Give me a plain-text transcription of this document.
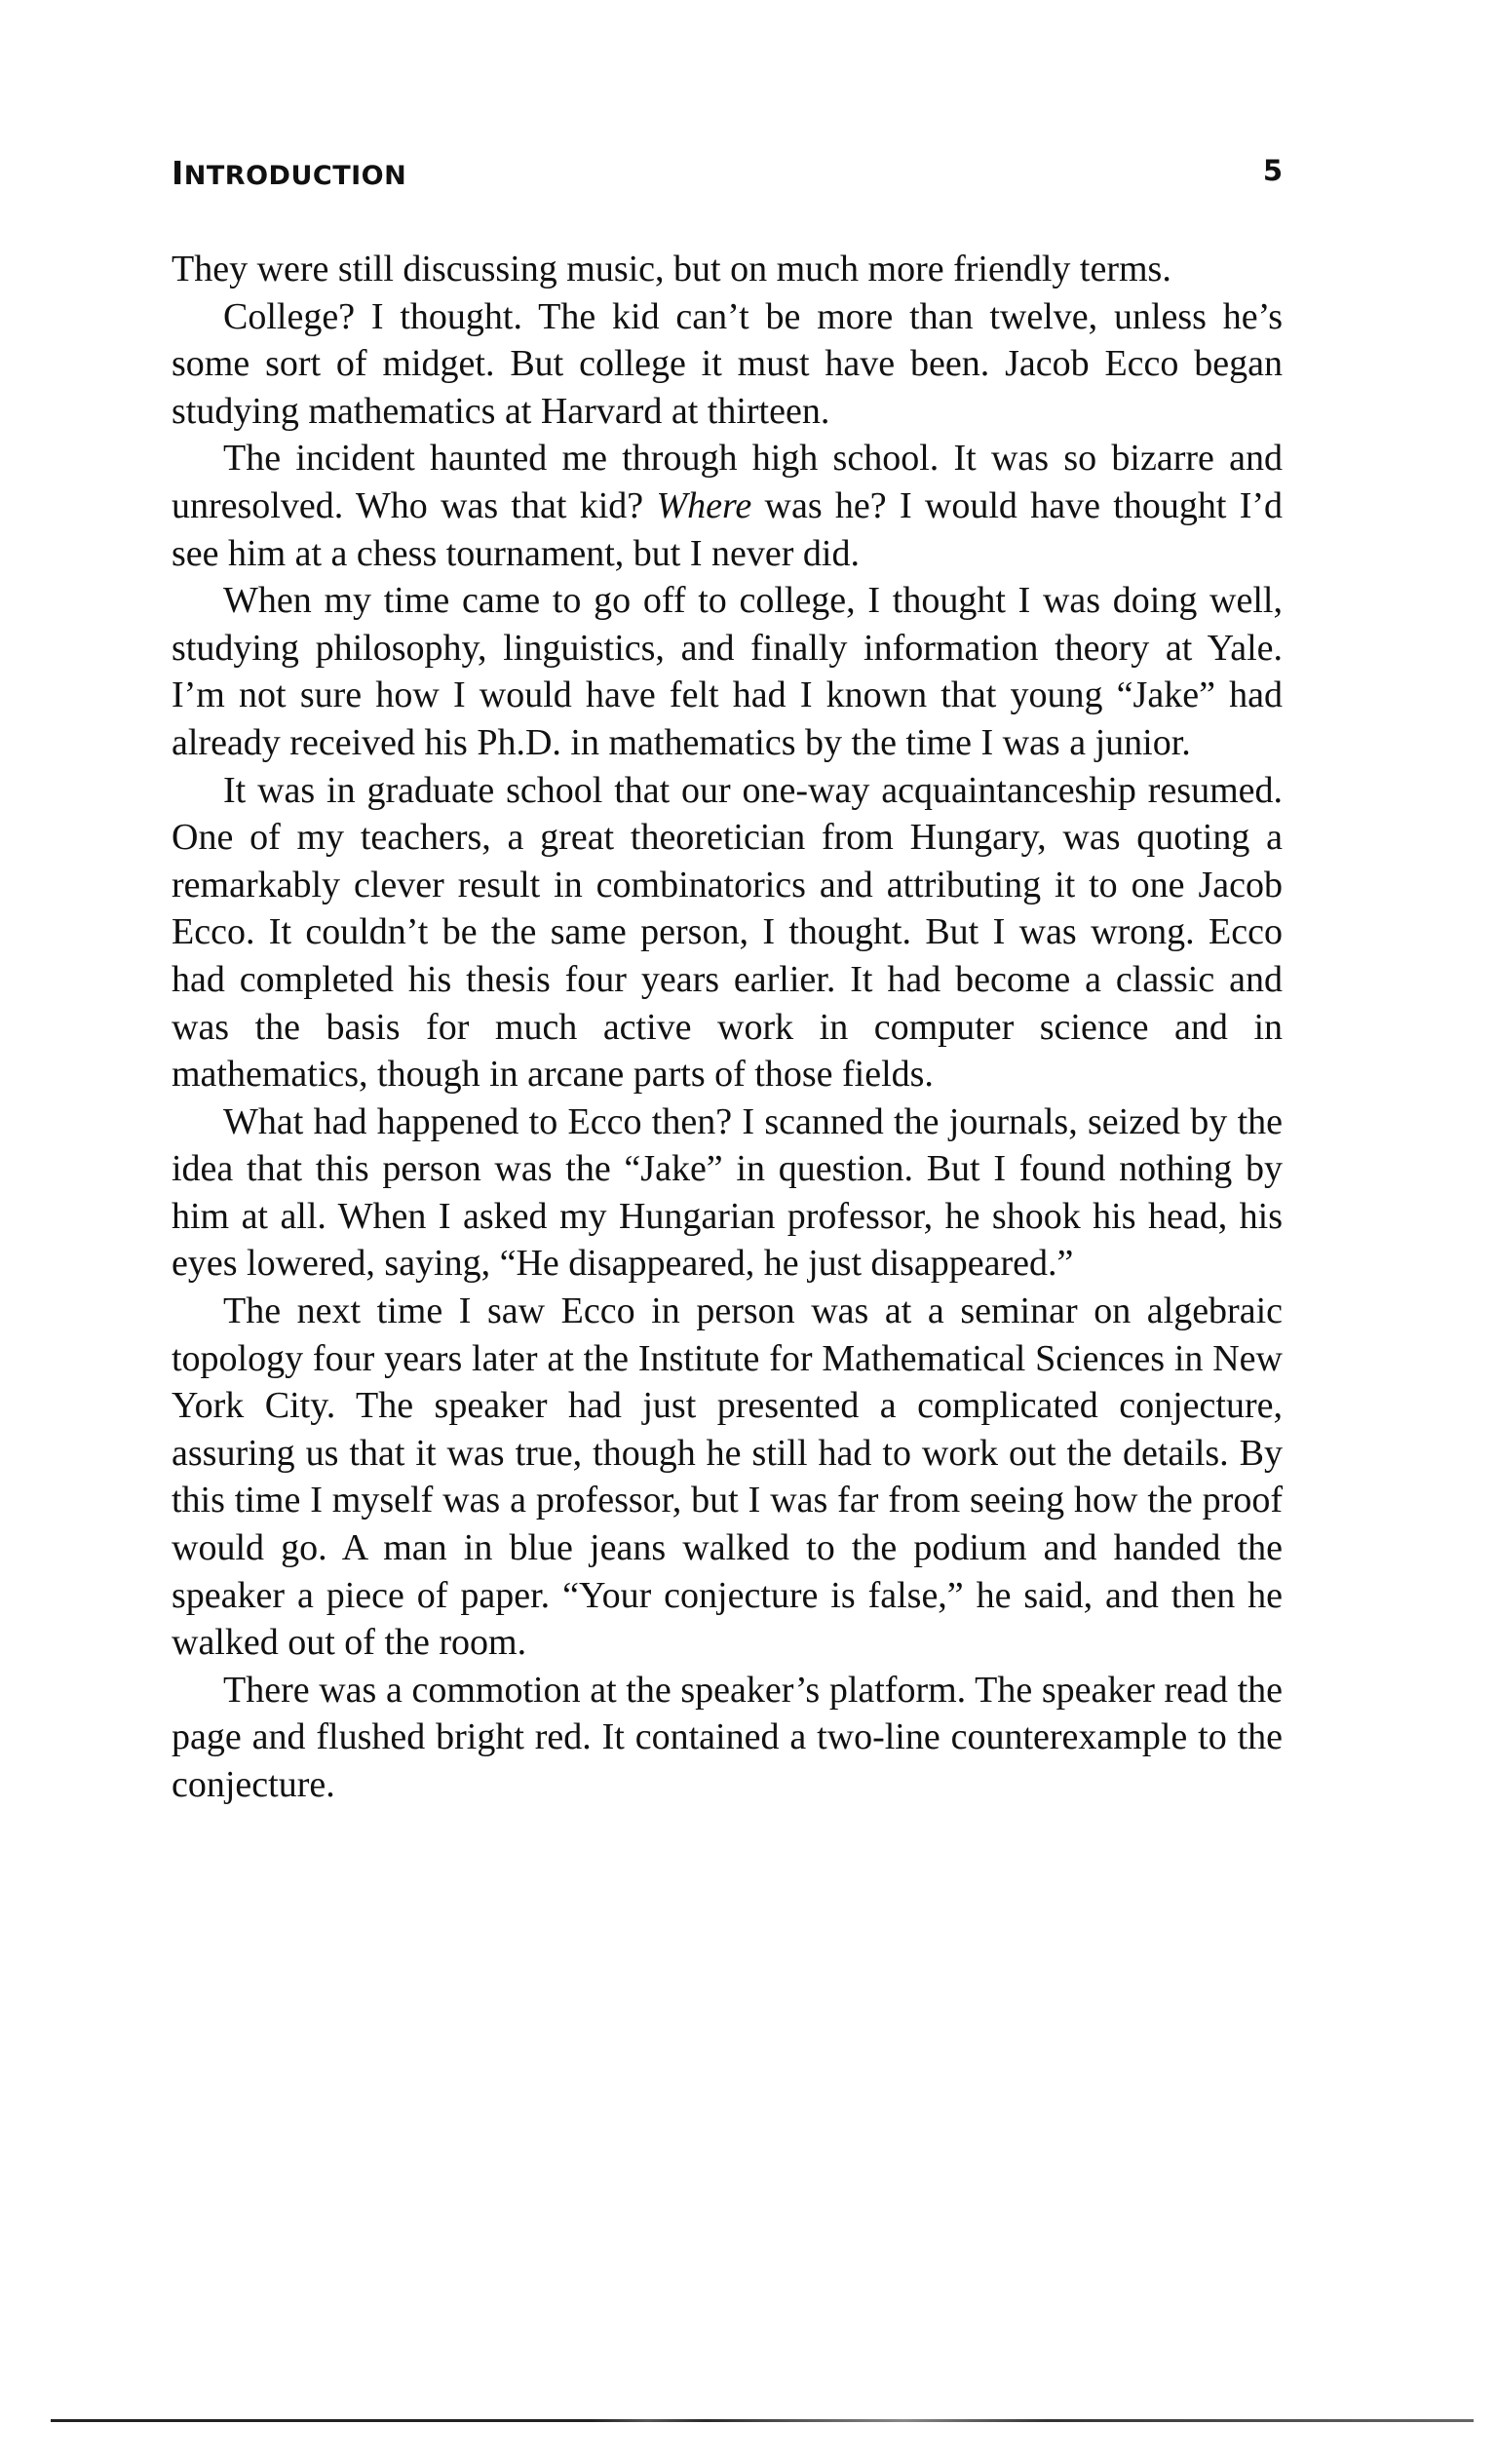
INTRODUCTION	5

They were still discussing music, but on much more friendly terms.

College? I thought. The kid can’t be more than twelve, unless he’s some sort of midget. But college it must have been. Jacob Ecco began studying mathematics at Harvard at thirteen.

The incident haunted me through high school. It was so bizarre and unresolved. Who was that kid? Where was he? I would have thought I’d see him at a chess tournament, but I never did.

When my time came to go off to college, I thought I was doing well, studying philosophy, linguistics, and finally information theory at Yale. I’m not sure how I would have felt had I known that young “Jake” had already received his Ph.D. in mathematics by the time I was a junior.

It was in graduate school that our one-way acquaintanceship resumed. One of my teachers, a great theoretician from Hungary, was quoting a remarkably clever result in combinatorics and attributing it to one Jacob Ecco. It couldn’t be the same person, I thought. But I was wrong. Ecco had completed his thesis four years earlier. It had become a classic and was the basis for much active work in computer science and in mathematics, though in arcane parts of those fields.

What had happened to Ecco then? I scanned the journals, seized by the idea that this person was the “Jake” in question. But I found nothing by him at all. When I asked my Hungarian professor, he shook his head, his eyes lowered, saying, “He disappeared, he just disappeared.”

The next time I saw Ecco in person was at a seminar on algebraic topology four years later at the Institute for Mathematical Sciences in New York City. The speaker had just presented a complicated conjecture, assuring us that it was true, though he still had to work out the details. By this time I myself was a professor, but I was far from seeing how the proof would go. A man in blue jeans walked to the podium and handed the speaker a piece of paper. “Your conjecture is false,” he said, and then he walked out of the room.

There was a commotion at the speaker’s platform. The speaker read the page and flushed bright red. It contained a two-line counterexample to the conjecture.
